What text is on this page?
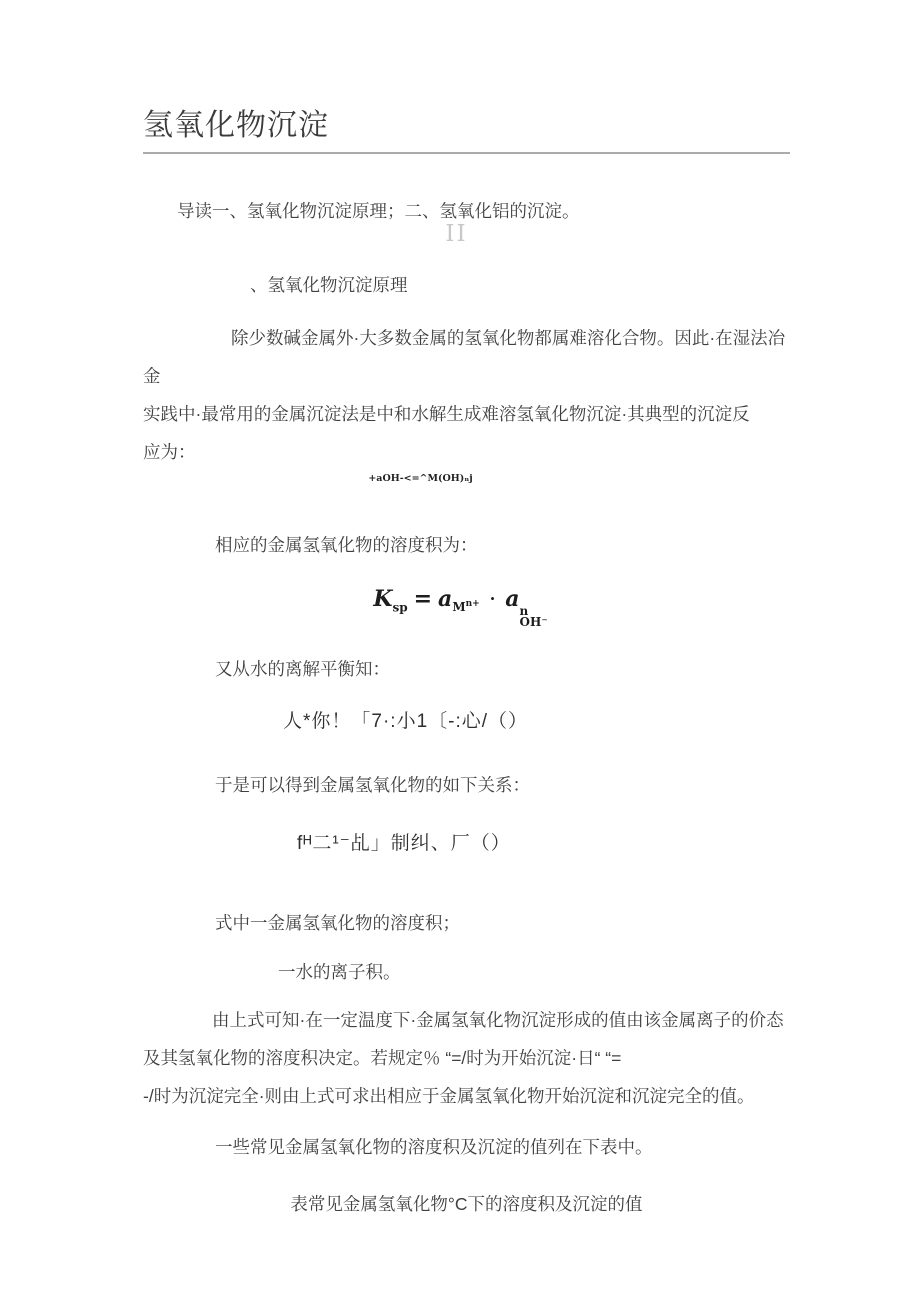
氢氧化物沉淀

导读一、氢氧化物沉淀原理；二、氢氧化铝的沉淀。

II
、氢氧化物沉淀原理
除少数碱金属外·大多数金属的氢氧化物都属难溶化合物。因此·在湿法冶金
实践中·最常用的金属沉淀法是中和水解生成难溶氢氧化物沉淀·其典型的沉淀反
应为：
+aOH-<=^M(OH)ₙj

相应的金属氢氧化物的溶度积为：

$K_{sp} = a_{M^{n+}} \cdot a$ n
OH⁻

又从水的离解平衡知：

人*你！「7·:小1〔-:心/（）

于是可以得到金属氢氧化物的如下关系：

fᴴ二¹⁻乩」制纠、厂（）

式中一金属氢氧化物的溶度积；

一水的离子积。

由上式可知·在一定温度下·金属氢氧化物沉淀形成的值由该金属离子的价态
及其氢氧化物的溶度积决定。若规定％ “=/时为开始沉淀·日“ “=
-/时为沉淀完全·则由上式可求出相应于金属氢氧化物开始沉淀和沉淀完全的值。

一些常见金属氢氧化物的溶度积及沉淀的值列在下表中。

表常见金属氢氧化物°C下的溶度积及沉淀的值
